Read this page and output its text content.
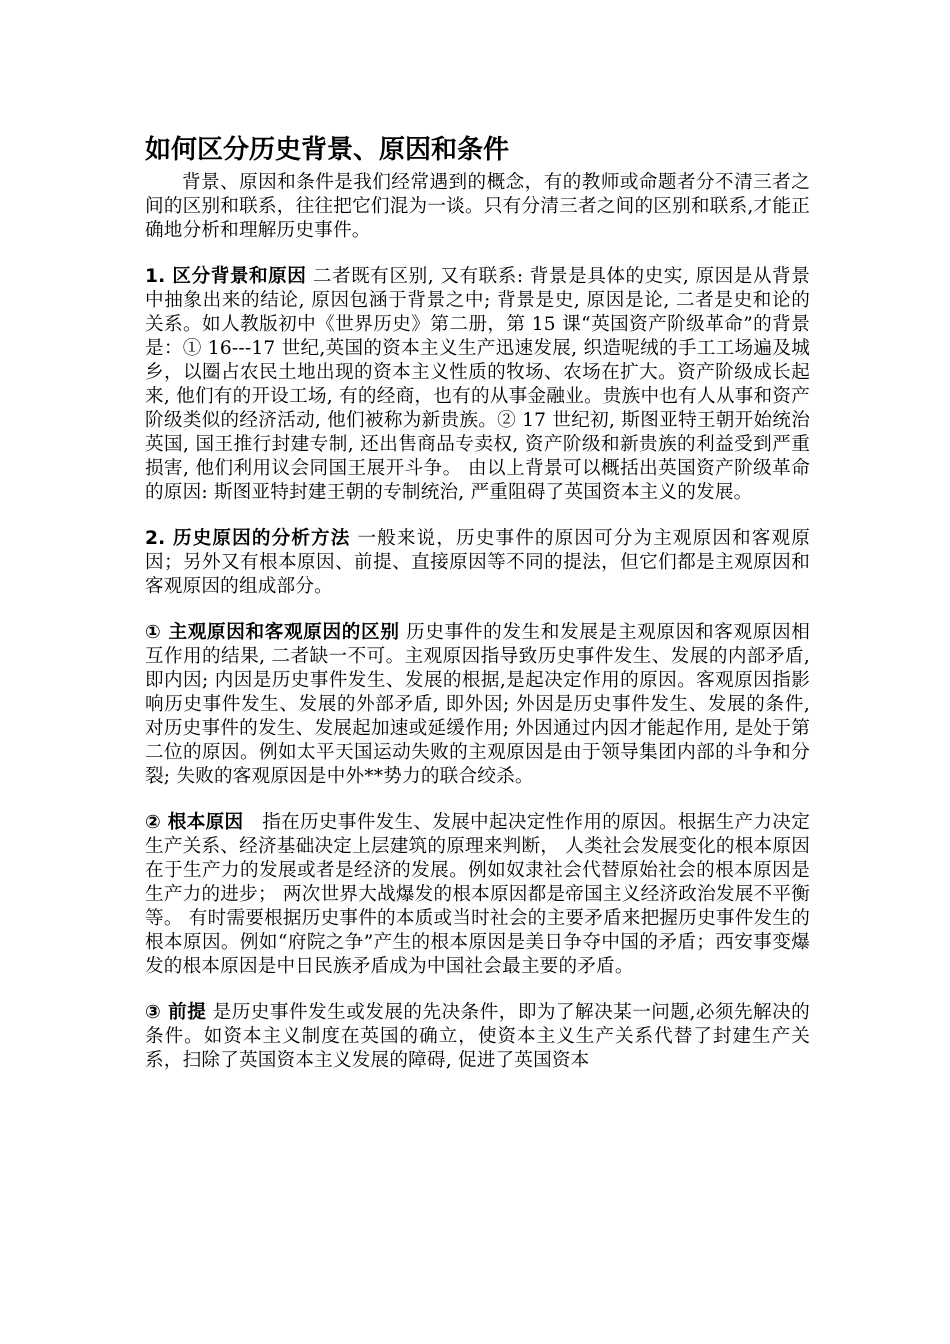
如何区分历史背景、原因和条件

背景、原因和条件是我们经常遇到的概念，有的教师或命题者分不清三者之间的区别和联系，往往把它们混为一谈。只有分清三者之间的区别和联系,才能正确地分析和理解历史事件。

1. 区分背景和原因 二者既有区别, 又有联系: 背景是具体的史实, 原因是从背景中抽象出来的结论, 原因包涵于背景之中; 背景是史, 原因是论, 二者是史和论的关系。如人教版初中《世界历史》第二册，第 15 课“英国资产阶级革命”的背景是：① 16---17 世纪,英国的资本主义生产迅速发展, 织造呢绒的手工工场遍及城乡，以圈占农民土地出现的资本主义性质的牧场、农场在扩大。资产阶级成长起来, 他们有的开设工场, 有的经商，也有的从事金融业。贵族中也有人从事和资产阶级类似的经济活动, 他们被称为新贵族。② 17 世纪初, 斯图亚特王朝开始统治英国, 国王推行封建专制, 还出售商品专卖权, 资产阶级和新贵族的利益受到严重损害, 他们利用议会同国王展开斗争。 由以上背景可以概括出英国资产阶级革命的原因: 斯图亚特封建王朝的专制统治, 严重阻碍了英国资本主义的发展。

2. 历史原因的分析方法 一般来说，历史事件的原因可分为主观原因和客观原因；另外又有根本原因、前提、直接原因等不同的提法，但它们都是主观原因和客观原因的组成部分。

① 主观原因和客观原因的区别 历史事件的发生和发展是主观原因和客观原因相互作用的结果, 二者缺一不可。主观原因指导致历史事件发生、发展的内部矛盾, 即内因; 内因是历史事件发生、发展的根据,是起决定作用的原因。客观原因指影响历史事件发生、发展的外部矛盾, 即外因; 外因是历史事件发生、发展的条件, 对历史事件的发生、发展起加速或延缓作用; 外因通过内因才能起作用, 是处于第二位的原因。例如太平天国运动失败的主观原因是由于领导集团内部的斗争和分裂; 失败的客观原因是中外**势力的联合绞杀。

② 根本原因　指在历史事件发生、发展中起决定性作用的原因。根据生产力决定生产关系、经济基础决定上层建筑的原理来判断， 人类社会发展变化的根本原因在于生产力的发展或者是经济的发展。例如奴隶社会代替原始社会的根本原因是生产力的进步； 两次世界大战爆发的根本原因都是帝国主义经济政治发展不平衡等。 有时需要根据历史事件的本质或当时社会的主要矛盾来把握历史事件发生的根本原因。例如“府院之争”产生的根本原因是美日争夺中国的矛盾；西安事变爆发的根本原因是中日民族矛盾成为中国社会最主要的矛盾。

③ 前提 是历史事件发生或发展的先决条件，即为了解决某一问题,必须先解决的条件。如资本主义制度在英国的确立，使资本主义生产关系代替了封建生产关系，扫除了英国资本主义发展的障碍, 促进了英国资本
